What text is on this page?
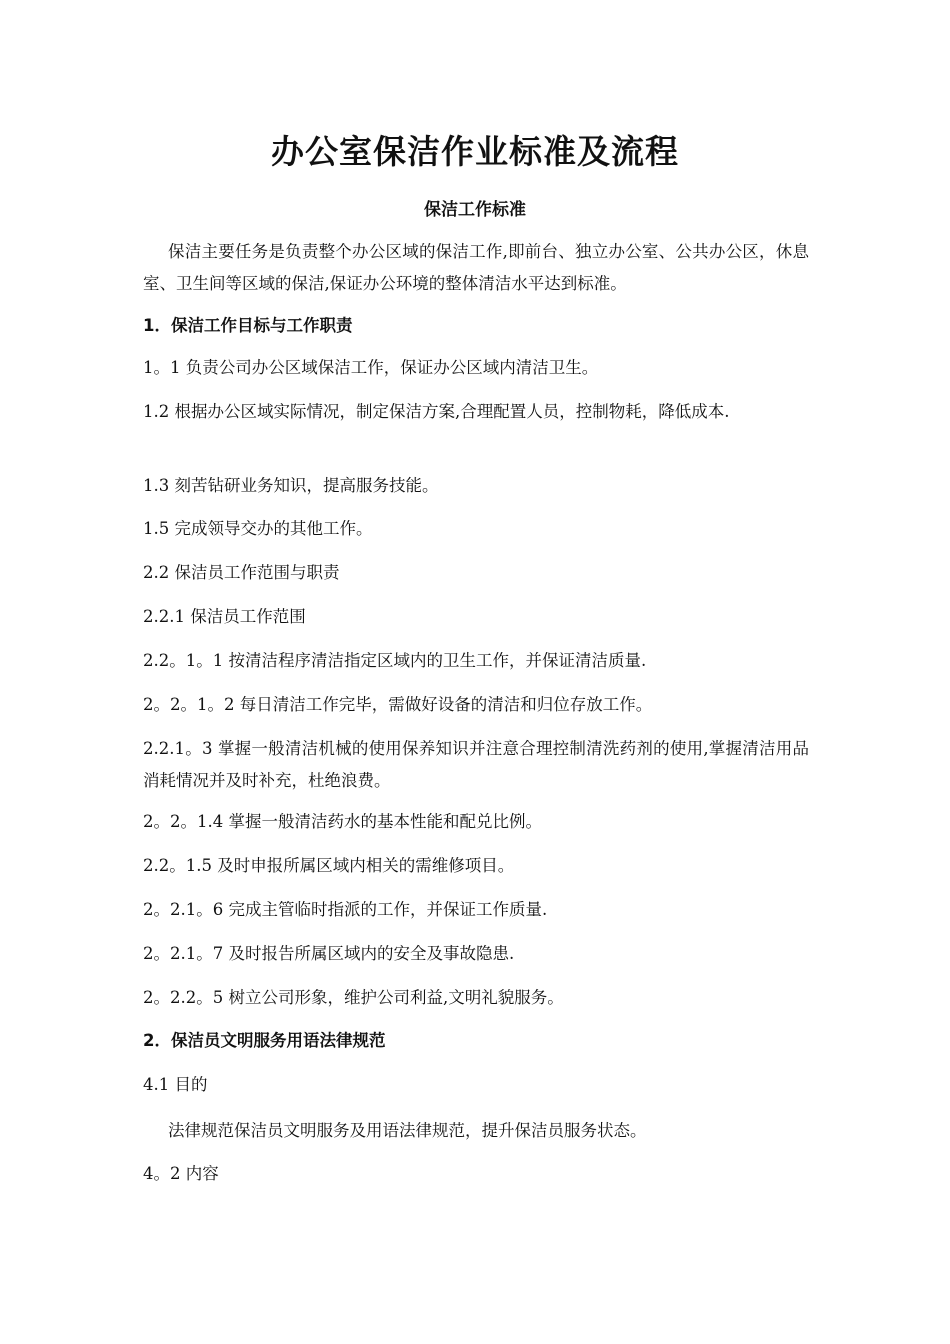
办公室保洁作业标准及流程
保洁工作标准
保洁主要任务是负责整个办公区域的保洁工作,即前台、独立办公室、公共办公区，休息室、卫生间等区域的保洁,保证办公环境的整体清洁水平达到标准。
1．保洁工作目标与工作职责
1。1 负责公司办公区域保洁工作，保证办公区域内清洁卫生。
1.2 根据办公区域实际情况，制定保洁方案,合理配置人员，控制物耗，降低成本.
1.3 刻苦钻研业务知识，提高服务技能。
1.5 完成领导交办的其他工作。
2.2 保洁员工作范围与职责
2.2.1 保洁员工作范围
2.2。1。1 按清洁程序清洁指定区域内的卫生工作，并保证清洁质量.
2。2。1。2 每日清洁工作完毕，需做好设备的清洁和归位存放工作。
2.2.1。3 掌握一般清洁机械的使用保养知识并注意合理控制清洗药剂的使用,掌握清洁用品消耗情况并及时补充，杜绝浪费。
2。2。1.4 掌握一般清洁药水的基本性能和配兑比例。
2.2。1.5 及时申报所属区域内相关的需维修项目。
2。2.1。6 完成主管临时指派的工作，并保证工作质量.
2。2.1。7 及时报告所属区域内的安全及事故隐患.
2。2.2。5 树立公司形象，维护公司利益,文明礼貌服务。
2．保洁员文明服务用语法律规范
4.1 目的
法律规范保洁员文明服务及用语法律规范，提升保洁员服务状态。
4。2 内容
